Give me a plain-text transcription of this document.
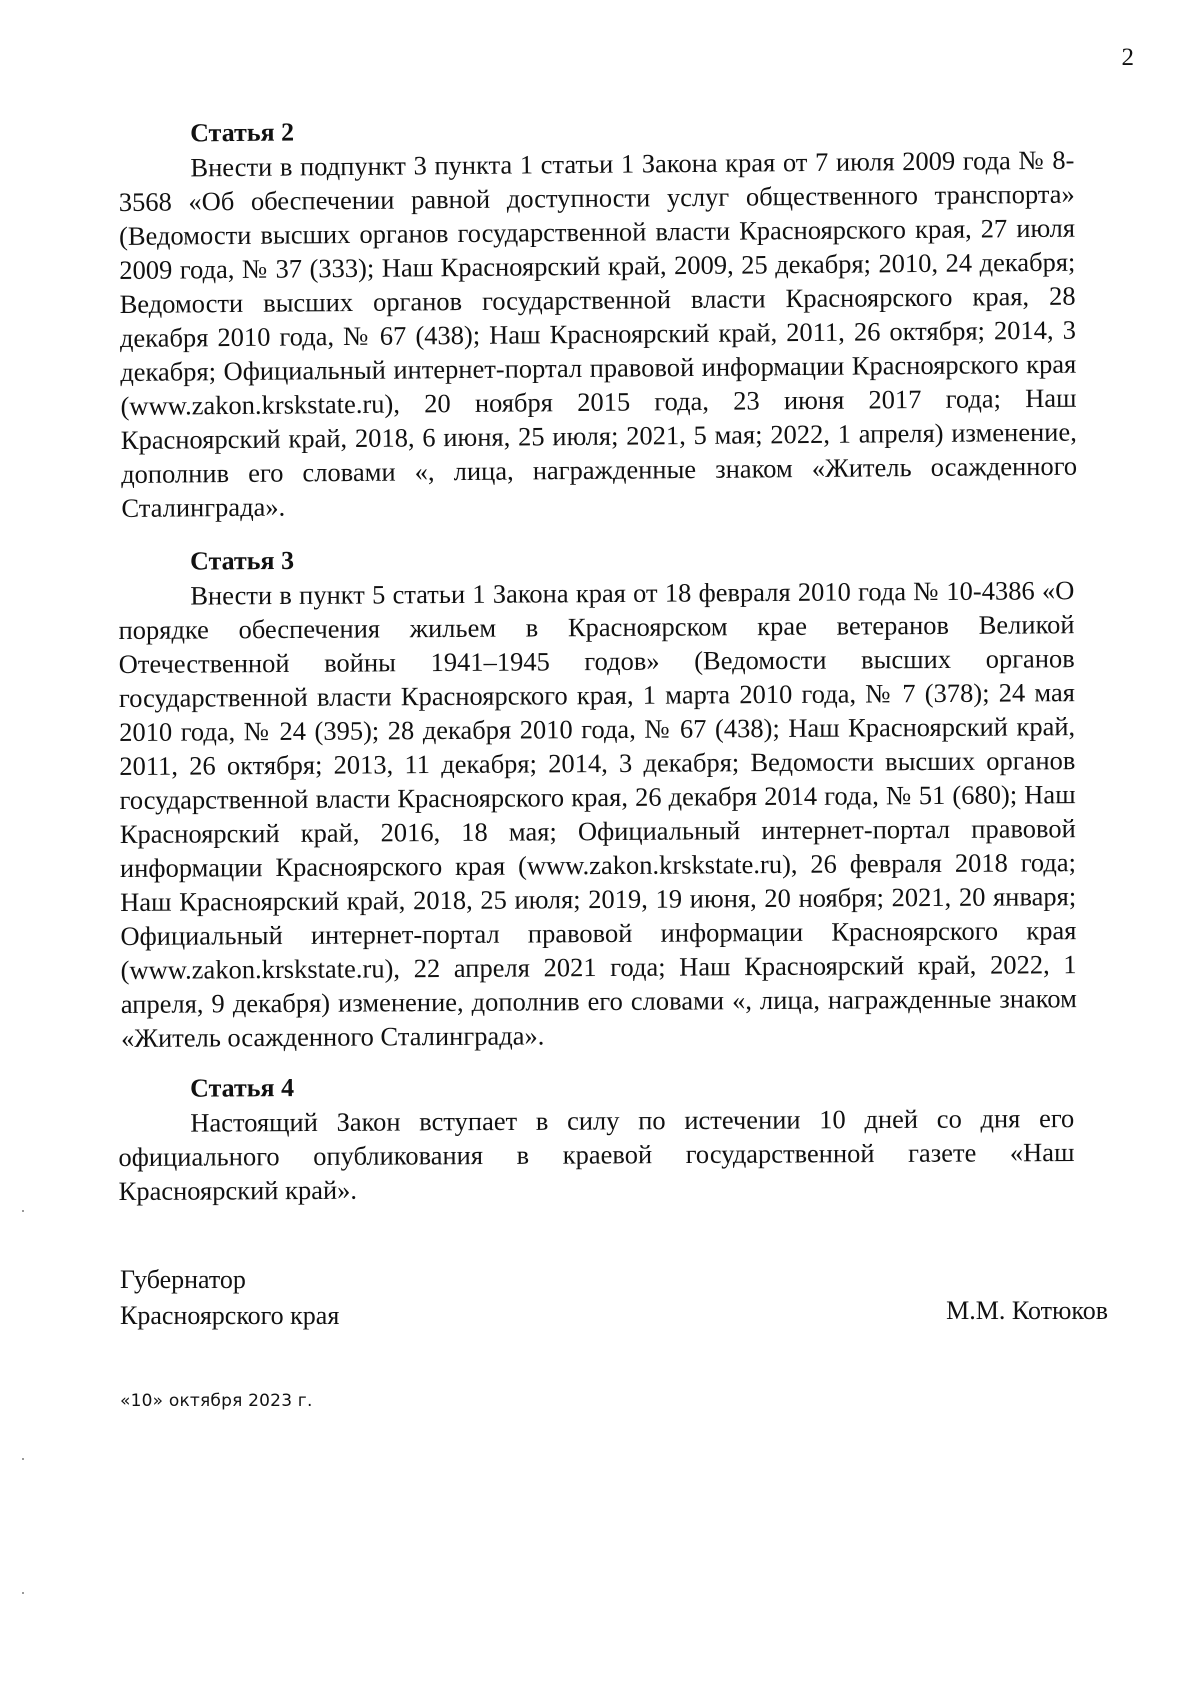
2
Статья 2

Внести в подпункт 3 пункта 1 статьи 1 Закона края от 7 июля 2009 года № 8-3568 «Об обеспечении равной доступности услуг общественного транспорта» (Ведомости высших органов государственной власти Красноярского края, 27 июля 2009 года, № 37 (333); Наш Красноярский край, 2009, 25 декабря; 2010, 24 декабря; Ведомости высших органов государственной власти Красноярского края, 28 декабря 2010 года, № 67 (438); Наш Красноярский край, 2011, 26 октября; 2014, 3 декабря; Официальный интернет-портал правовой информации Красноярского края (www.zakon.krskstate.ru), 20 ноября 2015 года, 23 июня 2017 года; Наш Красноярский край, 2018, 6 июня, 25 июля; 2021, 5 мая; 2022, 1 апреля) изменение, дополнив его словами «, лица, награжденные знаком «Житель осажденного Сталинграда».

Статья 3

Внести в пункт 5 статьи 1 Закона края от 18 февраля 2010 года № 10-4386 «О порядке обеспечения жильем в Красноярском крае ветеранов Великой Отечественной войны 1941–1945 годов» (Ведомости высших органов государственной власти Красноярского края, 1 марта 2010 года, № 7 (378); 24 мая 2010 года, № 24 (395); 28 декабря 2010 года, № 67 (438); Наш Красноярский край, 2011, 26 октября; 2013, 11 декабря; 2014, 3 декабря; Ведомости высших органов государственной власти Красноярского края, 26 декабря 2014 года, № 51 (680); Наш Красноярский край, 2016, 18 мая; Официальный интернет-портал правовой информации Красноярского края (www.zakon.krskstate.ru), 26 февраля 2018 года; Наш Красноярский край, 2018, 25 июля; 2019, 19 июня, 20 ноября; 2021, 20 января; Официальный интернет-портал правовой информации Красноярского края (www.zakon.krskstate.ru), 22 апреля 2021 года; Наш Красноярский край, 2022, 1 апреля, 9 декабря) изменение, дополнив его словами «, лица, награжденные знаком «Житель осажденного Сталинграда».

Статья 4

Настоящий Закон вступает в силу по истечении 10 дней со дня его официального опубликования в краевой государственной газете «Наш Красноярский край».

Губернатор
Красноярского края	М.М. Котюков
«10» октября 2023 г.
